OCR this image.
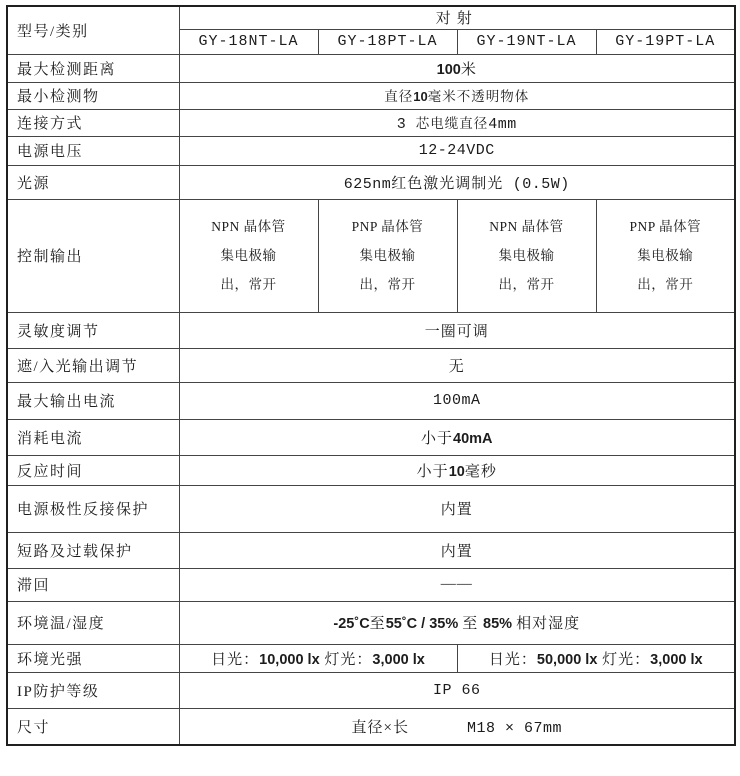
型号/类别	对射			
	GY-18NT-LA	GY-18PT-LA	GY-19NT-LA	GY-19PT-LA
最大检测距离	100米			
最小检测物	直径10毫米不透明物体			
连接方式	3 芯电缆直径4mm			
电源电压	12-24VDC			
光源	625nm红色激光调制光 (0.5W)			
控制输出	NPN 晶体管
集电极输
出，常开	PNP 晶体管
集电极输
出，常开	NPN 晶体管
集电极输
出，常开	PNP 晶体管
集电极输
出，常开

灵敏度调节	一圈可调			
遮/入光输出调节	无			
最大输出电流	100mA			
消耗电流	小于40mA			
反应时间	小于10毫秒			
电源极性反接保护	内置			
短路及过载保护	内置			
滞回	——			
环境温/湿度	-25˚C至55˚C / 35% 至 85% 相对湿度			
环境光强	日光：10,000 lx 灯光：3,000 lx		日光：50,000 lx 灯光：3,000 lx	
IP防护等级	IP 66			
尺寸	直径×长 M18 × 67mm			
